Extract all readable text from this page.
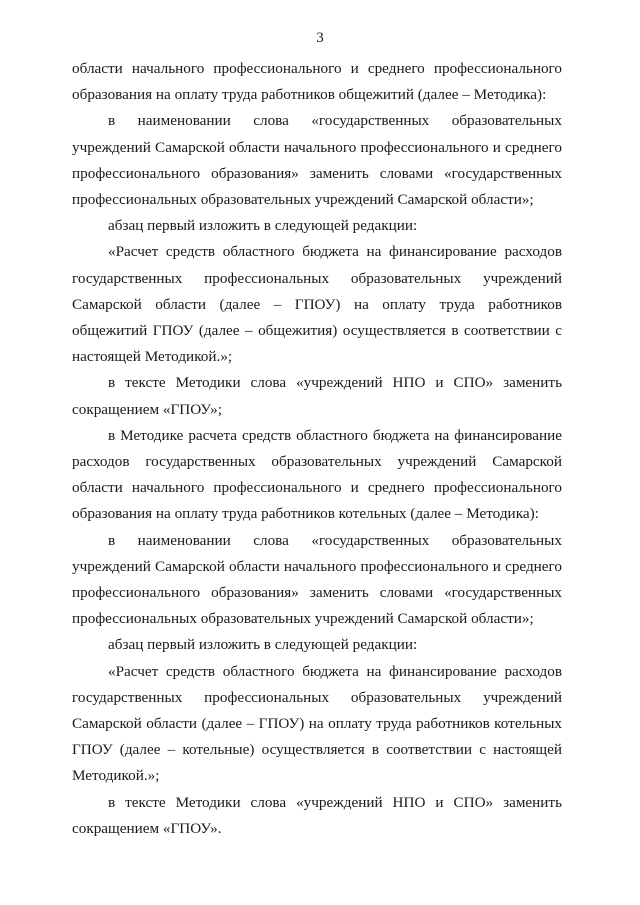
3

области начального профессионального и среднего профессионального образования на оплату труда работников общежитий (далее – Методика):

в наименовании слова «государственных образовательных учреждений Самарской области начального профессионального и среднего профессионального образования» заменить словами «государственных профессиональных образовательных учреждений Самарской области»;

абзац первый изложить в следующей редакции:

«Расчет средств областного бюджета на финансирование расходов государственных профессиональных образовательных учреждений Самарской области (далее – ГПОУ) на оплату труда работников общежитий ГПОУ (далее – общежития) осуществляется в соответствии с настоящей Методикой.»;

в тексте Методики слова «учреждений НПО и СПО» заменить сокращением «ГПОУ»;

в Методике расчета средств областного бюджета на финансирование расходов государственных образовательных учреждений Самарской области начального профессионального и среднего профессионального образования на оплату труда работников котельных (далее – Методика):

в наименовании слова «государственных образовательных учреждений Самарской области начального профессионального и среднего профессионального образования» заменить словами «государственных профессиональных образовательных учреждений Самарской области»;

абзац первый изложить в следующей редакции:

«Расчет средств областного бюджета на финансирование расходов государственных профессиональных образовательных учреждений Самарской области (далее – ГПОУ) на оплату труда работников котельных ГПОУ (далее – котельные) осуществляется в соответствии с настоящей Методикой.»;

в тексте Методики слова «учреждений НПО и СПО» заменить сокращением «ГПОУ».
